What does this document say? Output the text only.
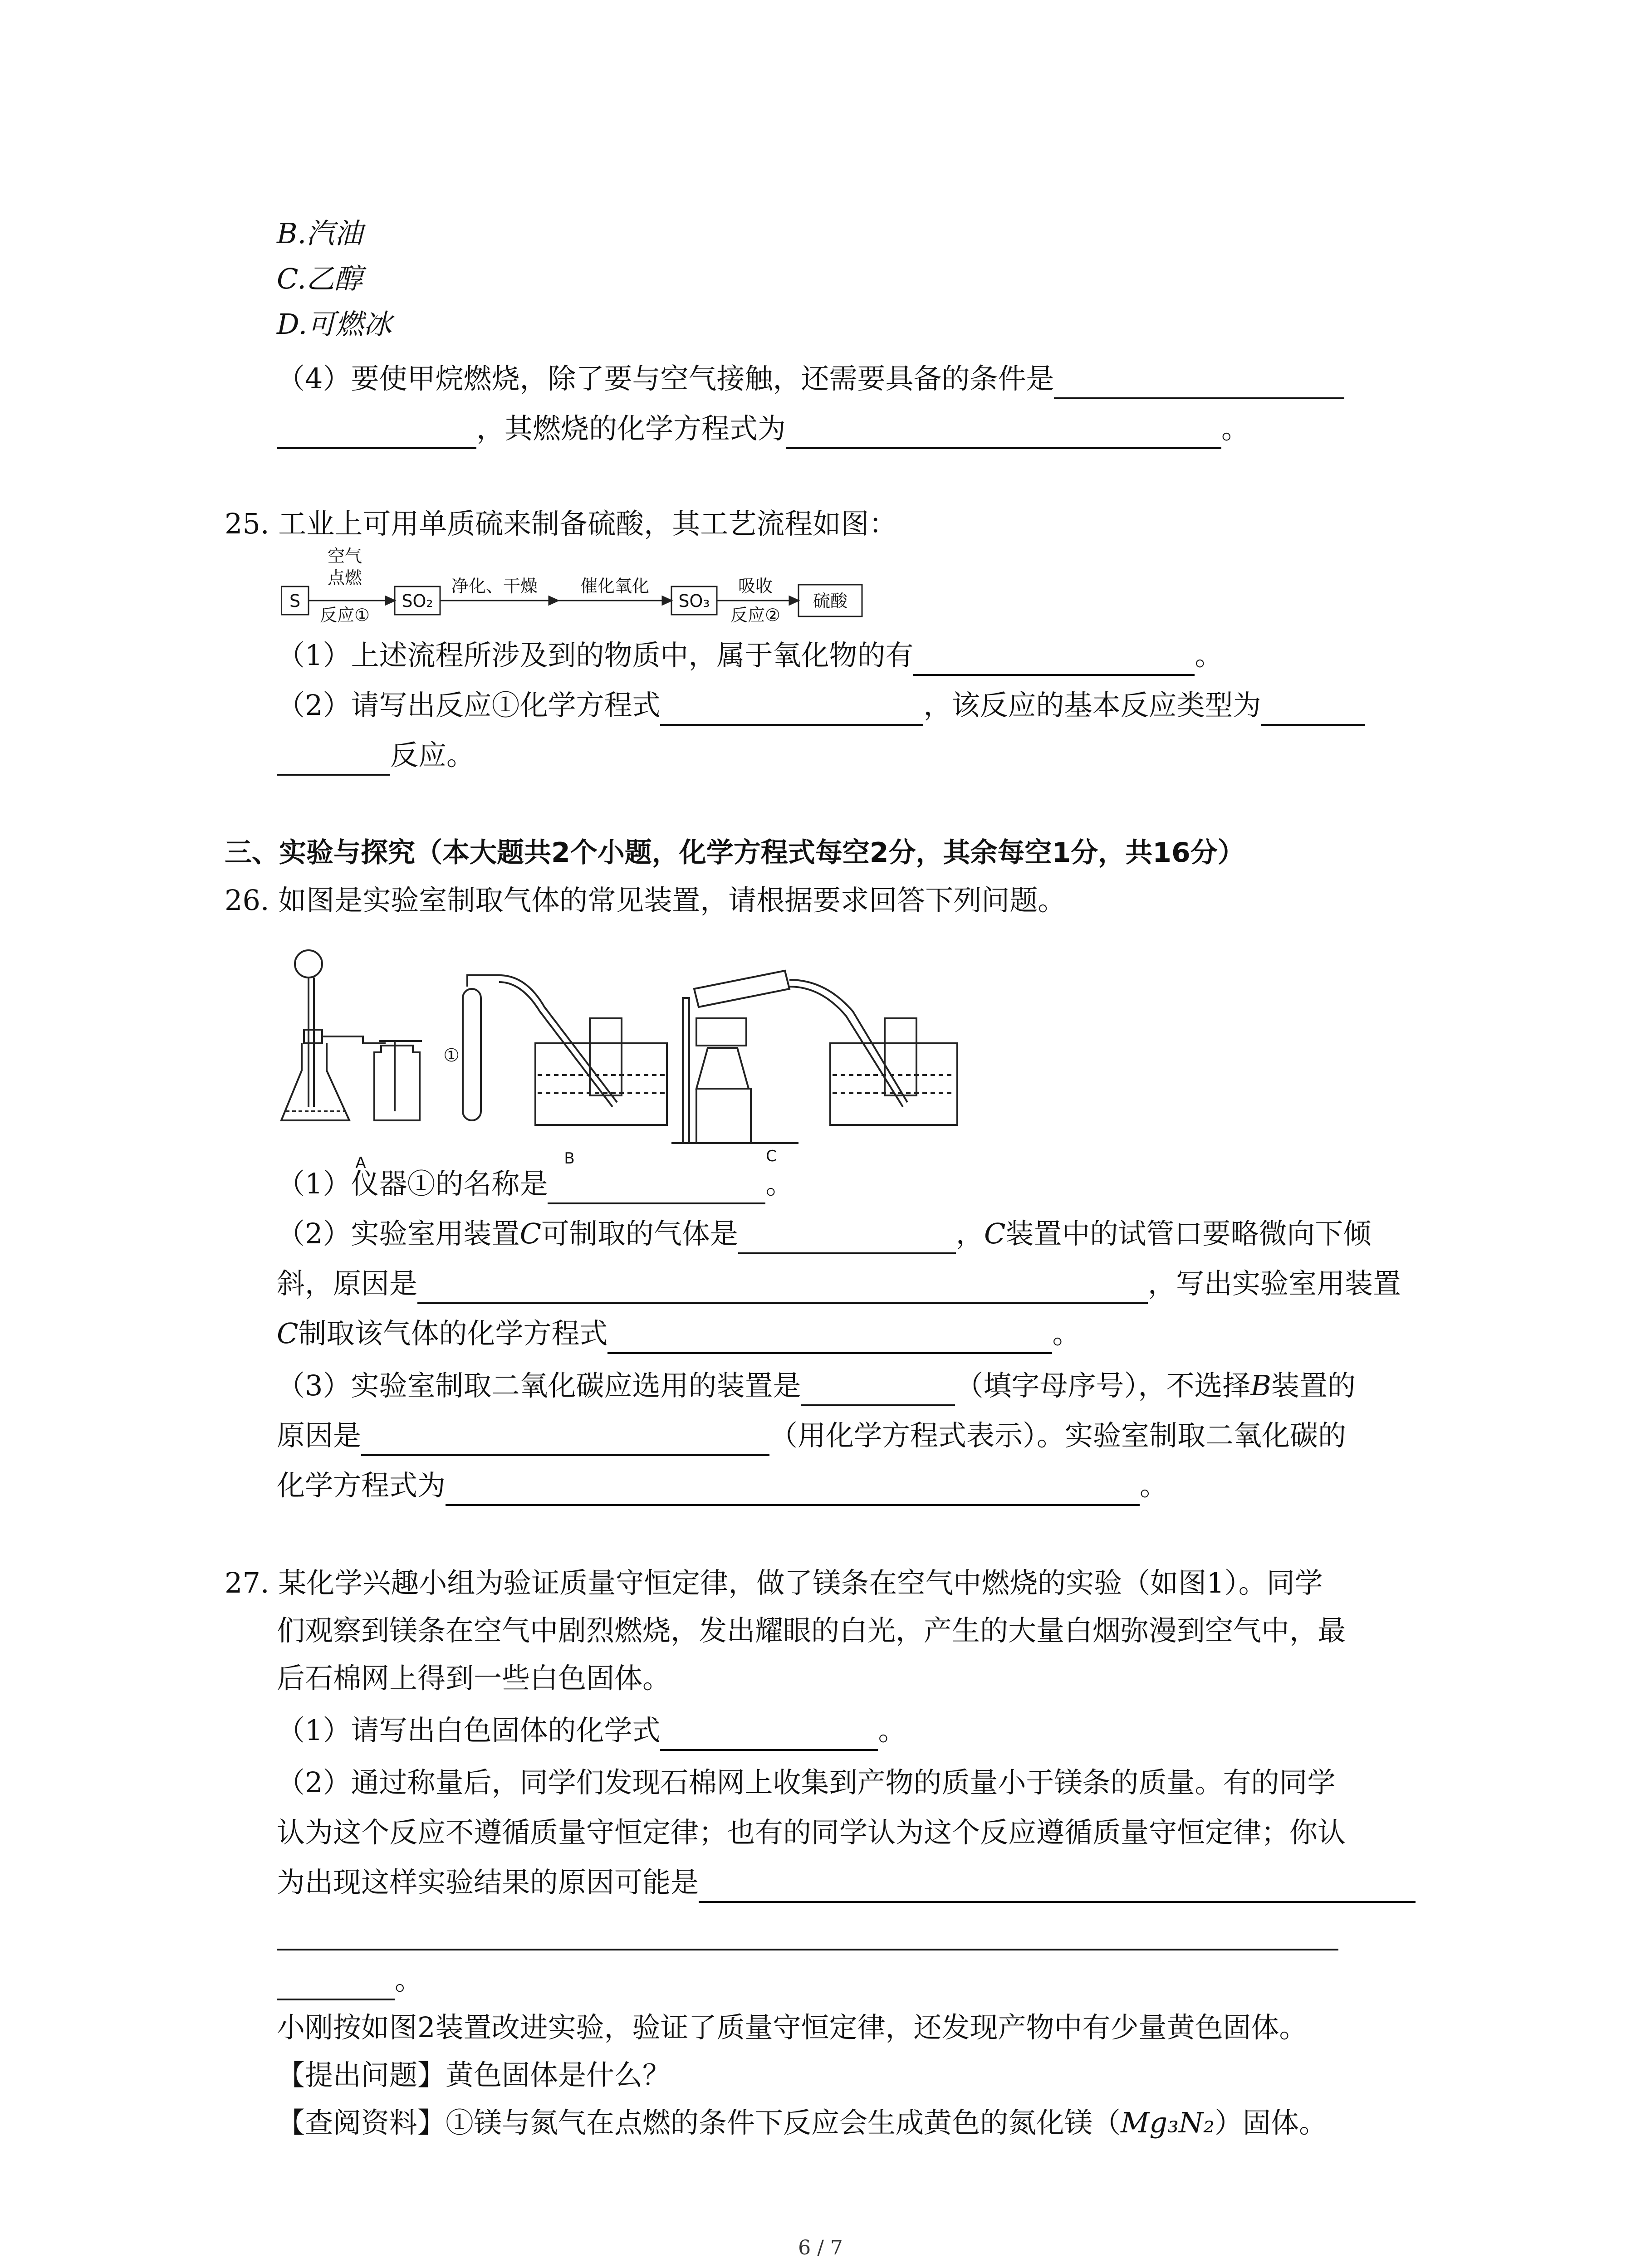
B.汽油
C.乙醇
D.可燃冰
（4）要使甲烷燃烧，除了要与空气接触，还需要具备的条件是
，其燃烧的化学方程式为	。
25. 工业上可用单质硫来制备硫酸，其工艺流程如图：
S
空气
点燃
反应①
SO₂
净化、干燥 催化氧化
SO₃
吸收
反应②
硫酸
（1）上述流程所涉及到的物质中，属于氧化物的有	。
（2）请写出反应①化学方程式	，该反应的基本反应类型为
反应。
三、实验与探究（本大题共2个小题，化学方程式每空2分，其余每空1分，共16分）
26. 如图是实验室制取气体的常见装置，请根据要求回答下列问题。
A
①
B	C
（1）仪器①的名称是	。
（2）实验室用装置C可制取的气体是	，C装置中的试管口要略微向下倾
斜，原因是	，写出实验室用装置
C制取该气体的化学方程式	。
（3）实验室制取二氧化碳应选用的装置是	（填字母序号），不选择B装置的
原因是	（用化学方程式表示）。实验室制取二氧化碳的
化学方程式为	。
27. 某化学兴趣小组为验证质量守恒定律，做了镁条在空气中燃烧的实验（如图1）。同学
们观察到镁条在空气中剧烈燃烧，发出耀眼的白光，产生的大量白烟弥漫到空气中，最
后石棉网上得到一些白色固体。
（1）请写出白色固体的化学式	。
（2）通过称量后，同学们发现石棉网上收集到产物的质量小于镁条的质量。有的同学
认为这个反应不遵循质量守恒定律；也有的同学认为这个反应遵循质量守恒定律；你认
为出现这样实验结果的原因可能是
。
小刚按如图2装置改进实验，验证了质量守恒定律，还发现产物中有少量黄色固体。
【提出问题】黄色固体是什么？
【查阅资料】①镁与氮气在点燃的条件下反应会生成黄色的氮化镁（Mg₃N₂）固体。
6 / 7
